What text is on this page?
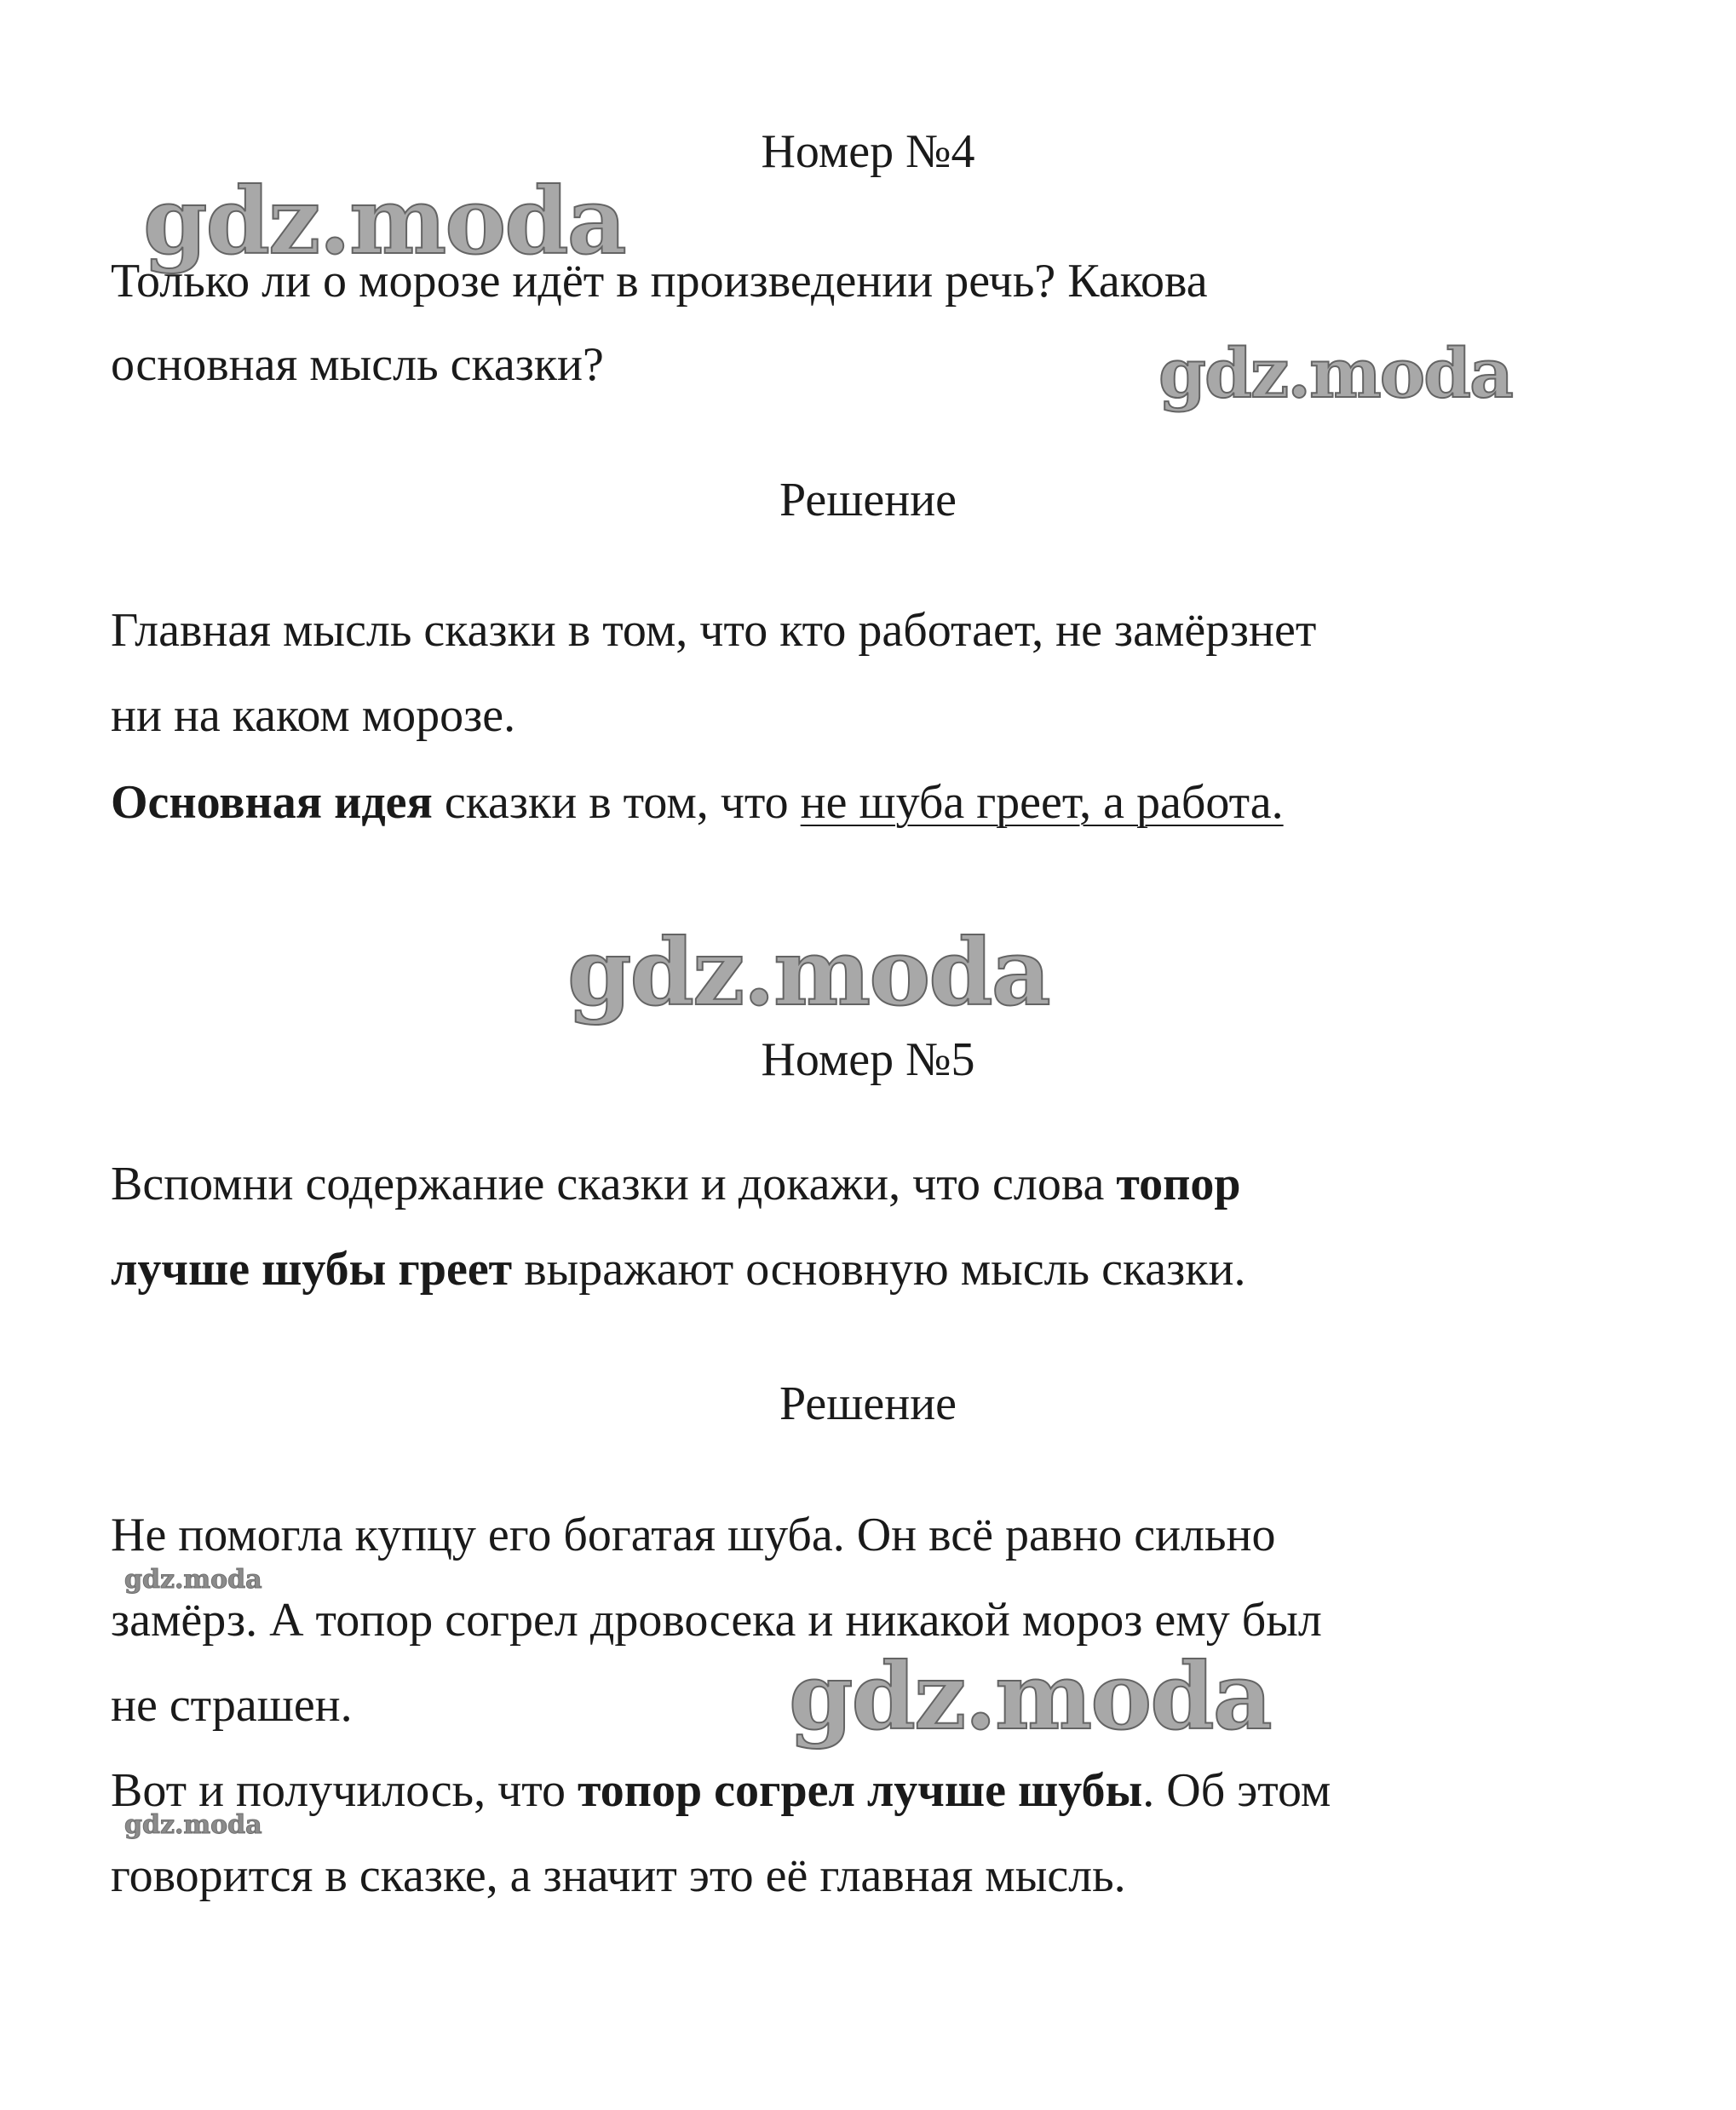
Номер №4
Только ли о морозе идёт в произведении речь? Какова
основная мысль сказки?
Решение
Главная мысль сказки в том, что кто работает, не замёрзнет
ни на каком морозе.
Основная идея сказки в том, что не шуба греет, а работа.
Номер №5
Вспомни содержание сказки и докажи, что слова топор
лучше шубы греет выражают основную мысль сказки.
Решение
Не помогла купцу его богатая шуба. Он всё равно сильно
замёрз. А топор согрел дровосека и никакой мороз ему был
не страшен.
Вот и получилось, что топор согрел лучше шубы. Об этом
говорится в сказке, а значит это её главная мысль.
gdz.moda
gdz.moda
gdz.moda
gdz.moda
gdz.moda
gdz.moda
